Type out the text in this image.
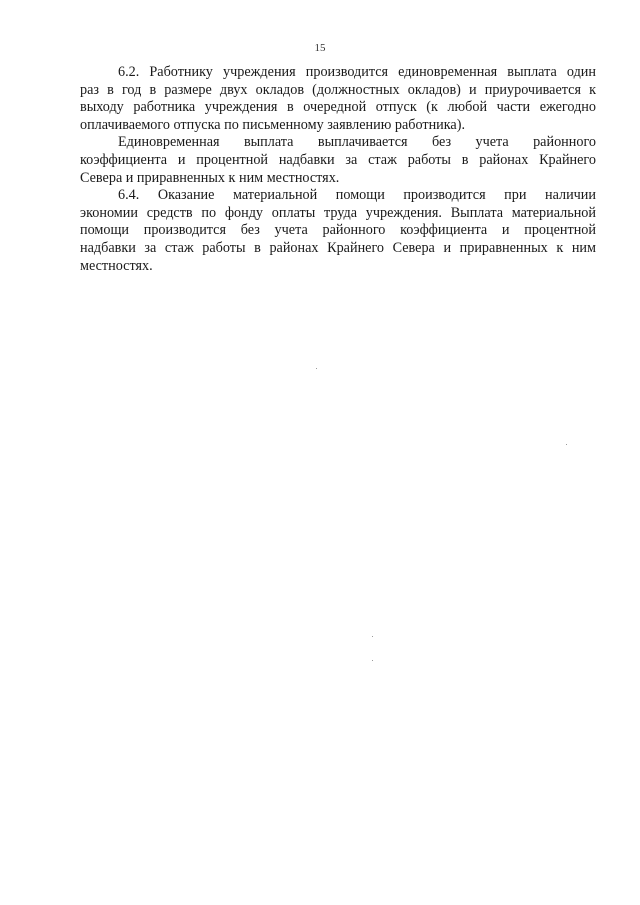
15
6.2. Работнику учреждения производится единовременная выплата один
раз в год в размере двух окладов (должностных окладов) и приурочивается к
выходу работника учреждения в очередной отпуск (к любой части ежегодно
оплачиваемого отпуска по письменному заявлению работника).
Единовременная выплата выплачивается без учета районного
коэффициента и процентной надбавки за стаж работы в районах Крайнего
Севера и приравненных к ним местностях.
6.4. Оказание материальной помощи производится при наличии
экономии средств по фонду оплаты труда учреждения. Выплата материальной
помощи производится без учета районного коэффициента и процентной
надбавки за стаж работы в районах Крайнего Севера и приравненных к ним
местностях.
